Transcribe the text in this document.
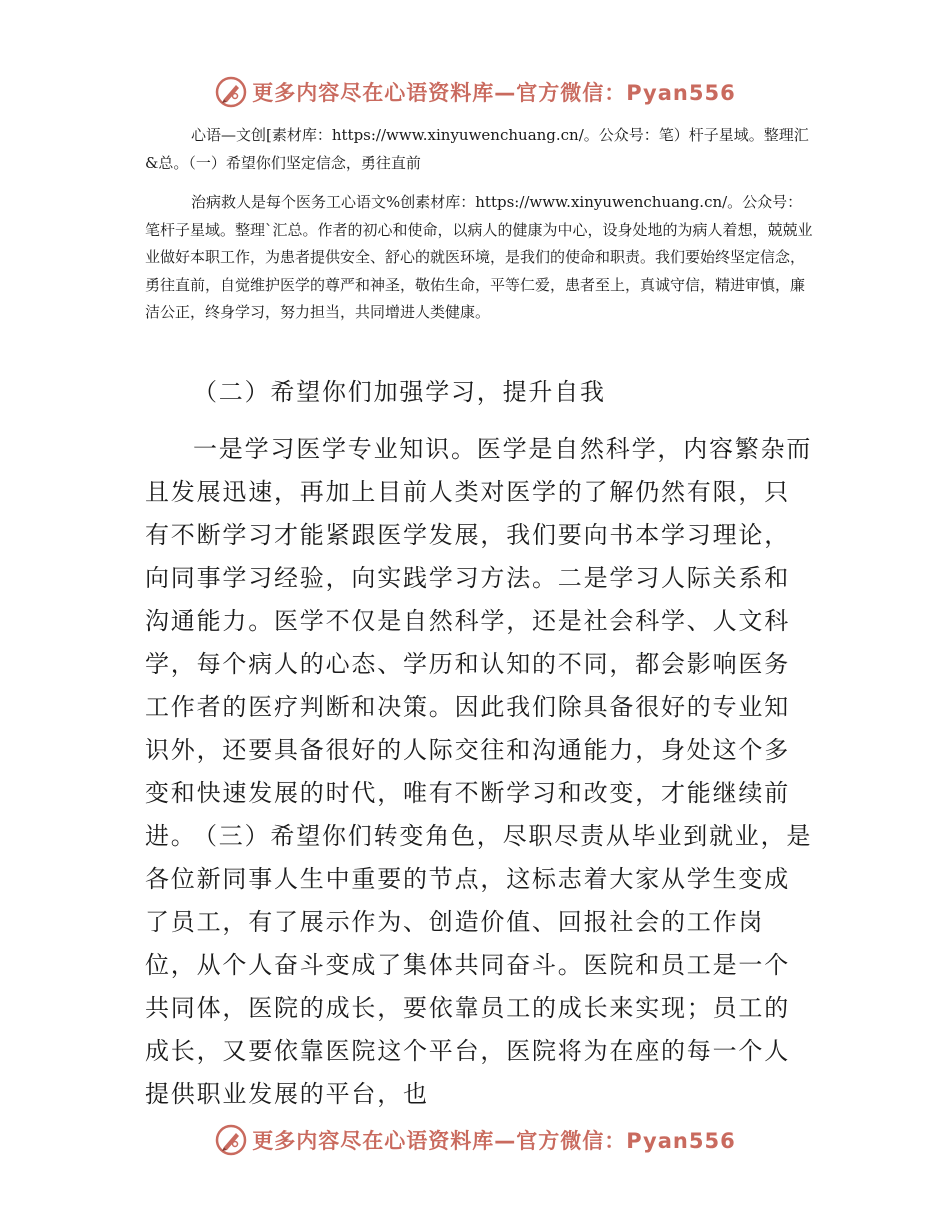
更多内容尽在心语资料库—官方微信：Pyan556

心语—文创[素材库：https://www.xinyuwenchuang.cn/。公众号：笔）杆子星域。整理汇&总。（一）希望你们坚定信念，勇往直前

治病救人是每个医务工心语文%创素材库：https://www.xinyuwenchuang.cn/。公众号：笔杆子星域。整理`汇总。作者的初心和使命，以病人的健康为中心，设身处地的为病人着想，兢兢业业做好本职工作，为患者提供安全、舒心的就医环境，是我们的使命和职责。我们要始终坚定信念，勇往直前，自觉维护医学的尊严和神圣，敬佑生命，平等仁爱，患者至上，真诚守信，精进审慎，廉洁公正，终身学习，努力担当，共同增进人类健康。

（二）希望你们加强学习，提升自我

一是学习医学专业知识。医学是自然科学，内容繁杂而且发展迅速，再加上目前人类对医学的了解仍然有限，只有不断学习才能紧跟医学发展，我们要向书本学习理论，向同事学习经验，向实践学习方法。二是学习人际关系和沟通能力。医学不仅是自然科学，还是社会科学、人文科学，每个病人的心态、学历和认知的不同，都会影响医务工作者的医疗判断和决策。因此我们除具备很好的专业知识外，还要具备很好的人际交往和沟通能力，身处这个多变和快速发展的时代，唯有不断学习和改变，才能继续前进。

（三）希望你们转变角色，尽职尽责从毕业到就业，是各位新同事人生中重要的节点，这标志着大家从学生变成了员工，有了展示作为、创造价值、回报社会的工作岗位，从个人奋斗变成了集体共同奋斗。医院和员工是一个共同体，医院的成长，要依靠员工的成长来实现；员工的成长，又要依靠医院这个平台，医院将为在座的每一个人提供职业发展的平台，也

更多内容尽在心语资料库—官方微信：Pyan556
